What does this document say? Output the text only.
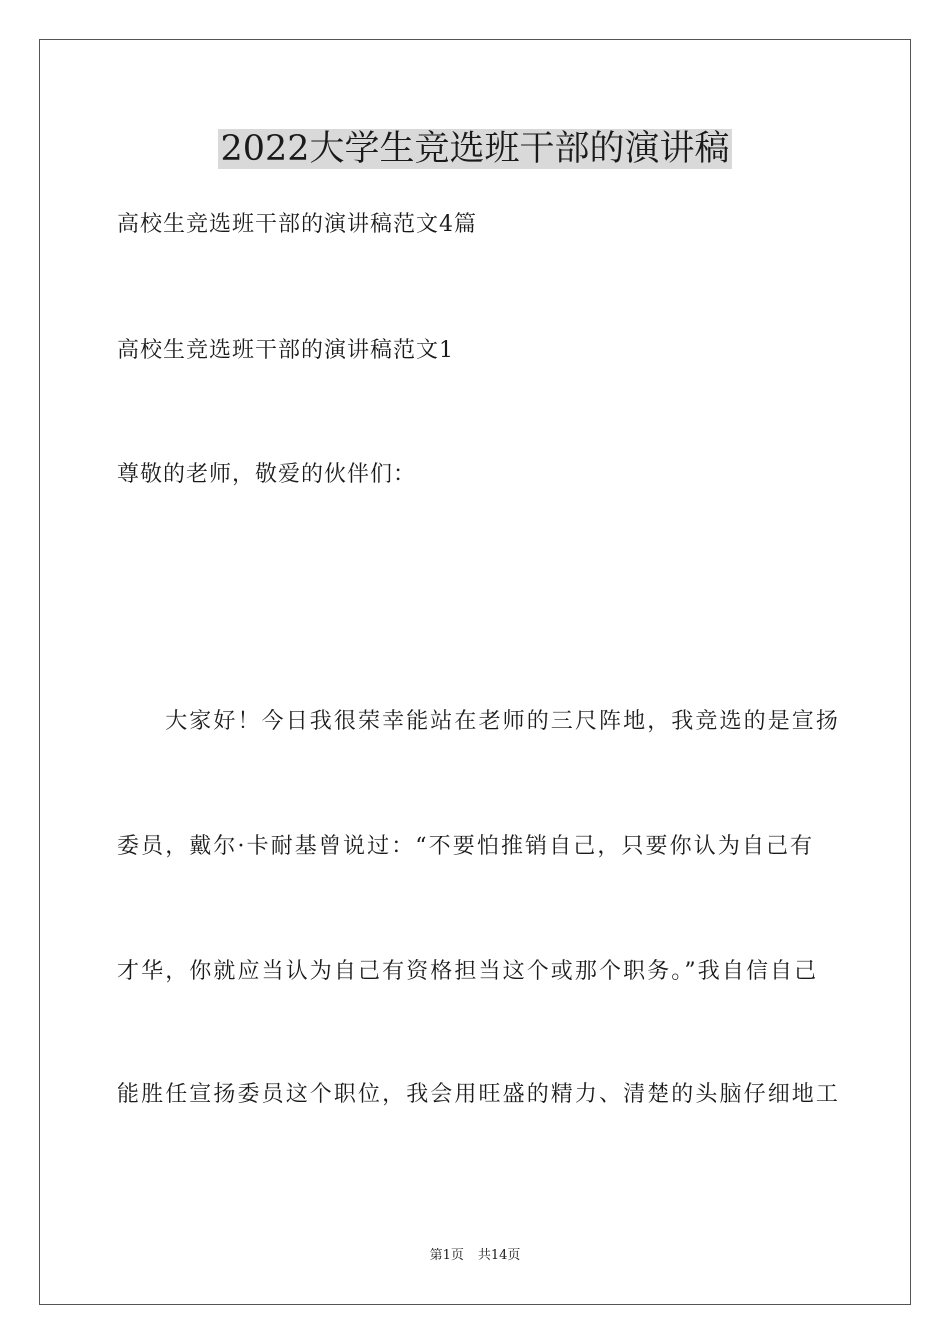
2022大学生竞选班干部的演讲稿

高校生竞选班干部的演讲稿范文4篇

高校生竞选班干部的演讲稿范文1

尊敬的老师，敬爱的伙伴们：

　　大家好！今日我很荣幸能站在老师的三尺阵地，我竞选的是宣扬

委员，戴尔·卡耐基曾说过：“不要怕推销自己，只要你认为自己有

才华，你就应当认为自己有资格担当这个或那个职务。”我自信自己

能胜任宣扬委员这个职位，我会用旺盛的精力、清楚的头脑仔细地工

第1页 共14页
